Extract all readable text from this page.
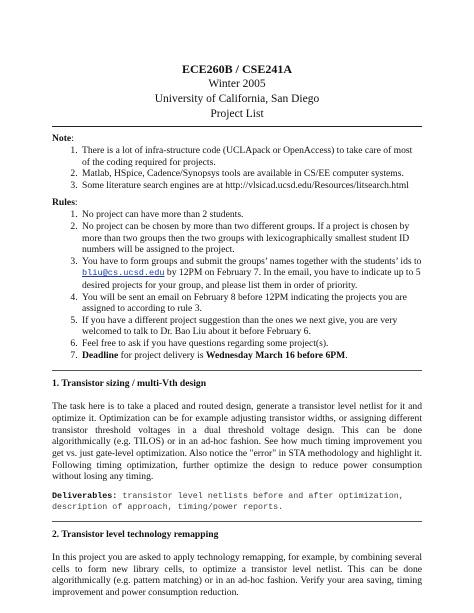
ECE260B / CSE241A
Winter 2005
University of California, San Diego
Project List
Note:
1. There is a lot of infra-structure code (UCLApack or OpenAccess) to take care of most of the coding required for projects.
2. Matlab, HSpice, Cadence/Synopsys tools are available in CS/EE computer systems.
3. Some literature search engines are at http://vlsicad.ucsd.edu/Resources/litsearch.html
Rules:
1. No project can have more than 2 students.
2. No project can be chosen by more than two different groups. If a project is chosen by more than two groups then the two groups with lexicographically smallest student ID numbers will be assigned to the project.
3. You have to form groups and submit the groups’ names together with the students’ ids to bliu@cs.ucsd.edu by 12PM on February 7. In the email, you have to indicate up to 5 desired projects for your group, and please list them in order of priority.
4. You will be sent an email on February 8 before 12PM indicating the projects you are assigned to according to rule 3.
5. If you have a different project suggestion than the ones we next give, you are very welcomed to talk to Dr. Bao Liu about it before February 6.
6. Feel free to ask if you have questions regarding some project(s).
7. Deadline for project delivery is Wednesday March 16 before 6PM.
1. Transistor sizing / multi-Vth design
The task here is to take a placed and routed design, generate a transistor level netlist for it and optimize it. Optimization can be for example adjusting transistor widths, or assigning different transistor threshold voltages in a dual threshold voltage design. This can be done algorithmically (e.g. TILOS) or in an ad-hoc fashion. See how much timing improvement you get vs. just gate-level optimization. Also notice the "error" in STA methodology and highlight it. Following timing optimization, further optimize the design to reduce power consumption without losing any timing.
Deliverables: transistor level netlists before and after optimization, description of approach, timing/power reports.
2. Transistor level technology remapping
In this project you are asked to apply technology remapping, for example, by combining several cells to form new library cells, to optimize a transistor level netlist. This can be done algorithmically (e.g. pattern matching) or in an ad-hoc fashion. Verify your area saving, timing improvement and power consumption reduction.
